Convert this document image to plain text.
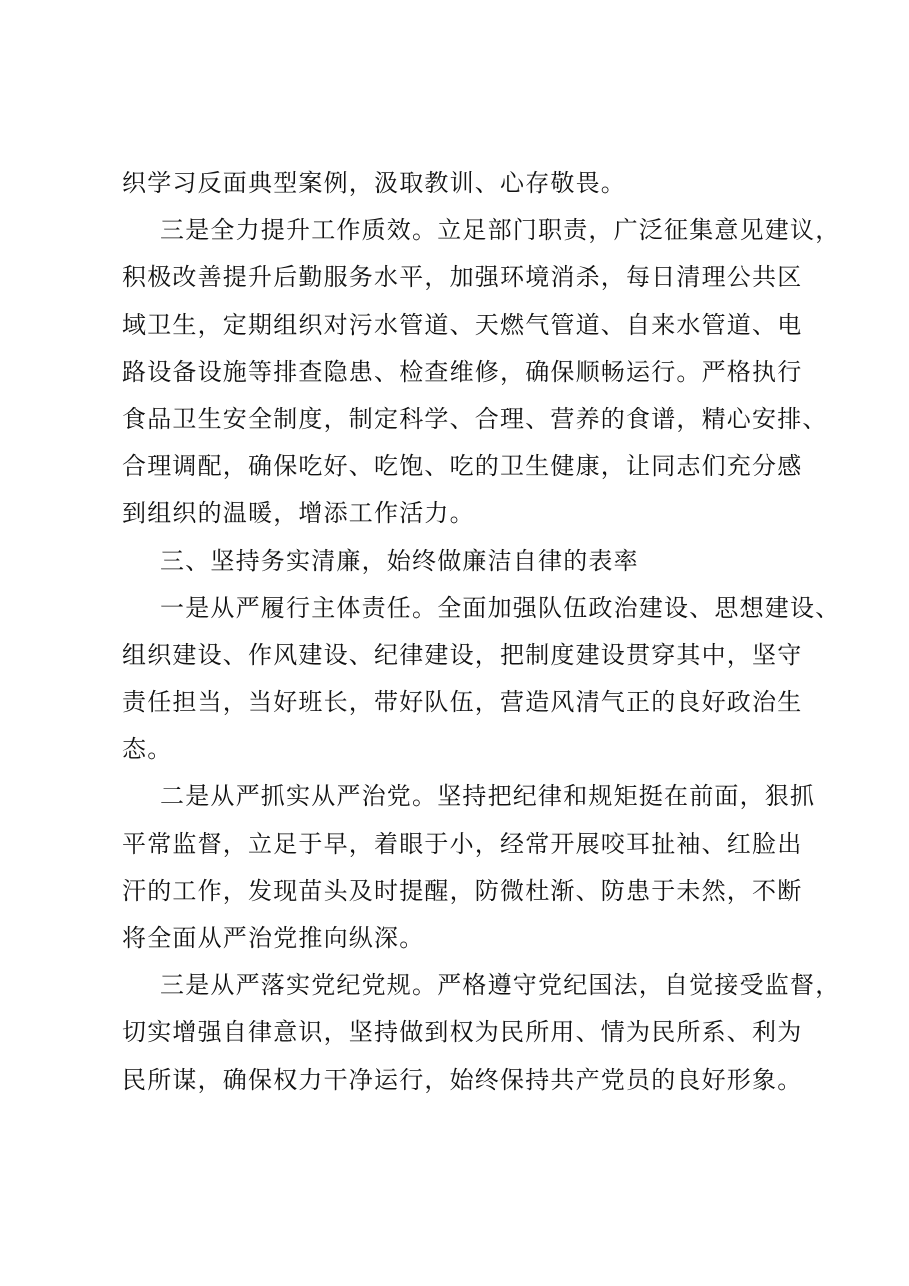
织学习反面典型案例，汲取教训、心存敬畏。
三是全力提升工作质效。立足部门职责，广泛征集意见建议，
积极改善提升后勤服务水平，加强环境消杀，每日清理公共区
域卫生，定期组织对污水管道、天燃气管道、自来水管道、电
路设备设施等排查隐患、检查维修，确保顺畅运行。严格执行
食品卫生安全制度，制定科学、合理、营养的食谱，精心安排、
合理调配，确保吃好、吃饱、吃的卫生健康，让同志们充分感
到组织的温暖，增添工作活力。
三、坚持务实清廉，始终做廉洁自律的表率
一是从严履行主体责任。全面加强队伍政治建设、思想建设、
组织建设、作风建设、纪律建设，把制度建设贯穿其中，坚守
责任担当，当好班长，带好队伍，营造风清气正的良好政治生
态。
二是从严抓实从严治党。坚持把纪律和规矩挺在前面，狠抓
平常监督，立足于早，着眼于小，经常开展咬耳扯袖、红脸出
汗的工作，发现苗头及时提醒，防微杜渐、防患于未然，不断
将全面从严治党推向纵深。
三是从严落实党纪党规。严格遵守党纪国法，自觉接受监督，
切实增强自律意识，坚持做到权为民所用、情为民所系、利为
民所谋，确保权力干净运行，始终保持共产党员的良好形象。
